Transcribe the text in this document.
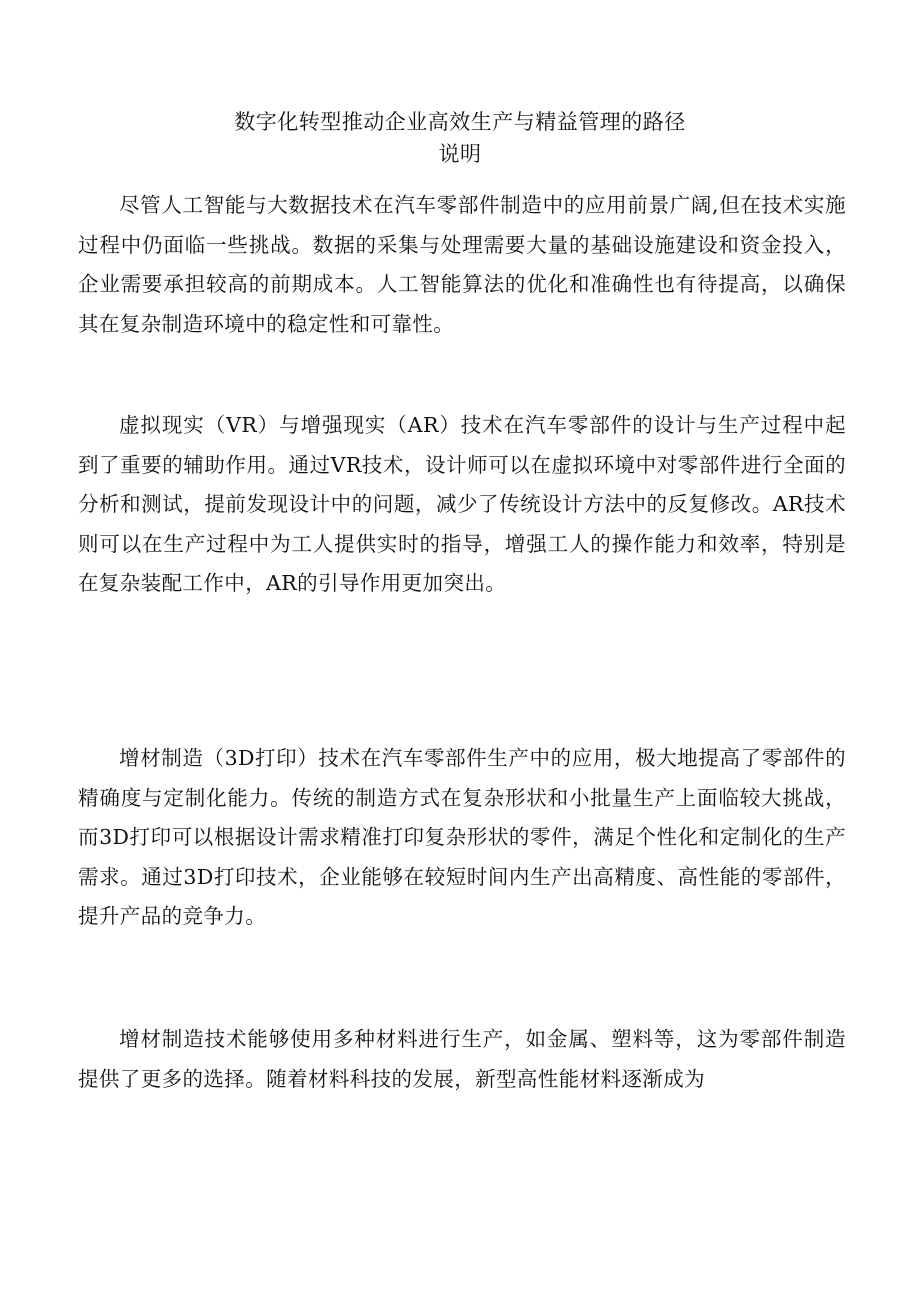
数字化转型推动企业高效生产与精益管理的路径
说明

尽管人工智能与大数据技术在汽车零部件制造中的应用前景广阔,但在技术实施过程中仍面临一些挑战。数据的采集与处理需要大量的基础设施建设和资金投入，企业需要承担较高的前期成本。人工智能算法的优化和准确性也有待提高，以确保其在复杂制造环境中的稳定性和可靠性。

虚拟现实（VR）与增强现实（AR）技术在汽车零部件的设计与生产过程中起到了重要的辅助作用。通过VR技术，设计师可以在虚拟环境中对零部件进行全面的分析和测试，提前发现设计中的问题，减少了传统设计方法中的反复修改。AR技术则可以在生产过程中为工人提供实时的指导，增强工人的操作能力和效率，特别是在复杂装配工作中，AR的引导作用更加突出。

增材制造（3D打印）技术在汽车零部件生产中的应用，极大地提高了零部件的精确度与定制化能力。传统的制造方式在复杂形状和小批量生产上面临较大挑战，而3D打印可以根据设计需求精准打印复杂形状的零件，满足个性化和定制化的生产需求。通过3D打印技术，企业能够在较短时间内生产出高精度、高性能的零部件，提升产品的竞争力。

增材制造技术能够使用多种材料进行生产，如金属、塑料等，这为零部件制造提供了更多的选择。随着材料科技的发展，新型高性能材料逐渐成为
